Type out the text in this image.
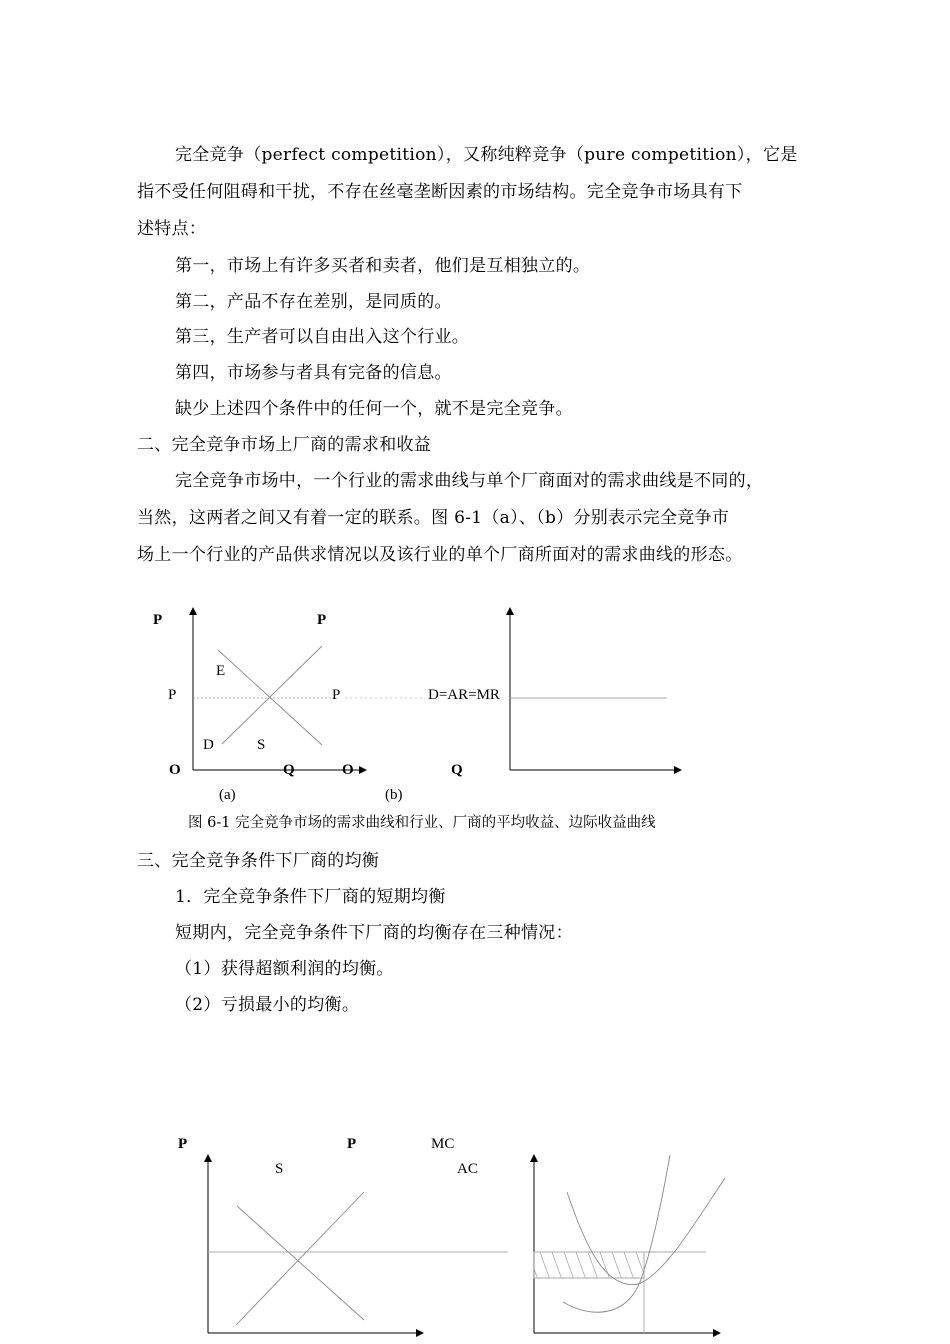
完全竞争（perfect competition），又称纯粹竞争（pure competition），它是
指不受任何阻碍和干扰，不存在丝毫垄断因素的市场结构。完全竞争市场具有下
述特点：
第一，市场上有许多买者和卖者，他们是互相独立的。
第二，产品不存在差别，是同质的。
第三，生产者可以自由出入这个行业。
第四，市场参与者具有完备的信息。
缺少上述四个条件中的任何一个，就不是完全竞争。
二、完全竞争市场上厂商的需求和收益
完全竞争市场中，一个行业的需求曲线与单个厂商面对的需求曲线是不同的，
当然，这两者之间又有着一定的联系。图 6-1（a）、（b）分别表示完全竞争市
场上一个行业的产品供求情况以及该行业的单个厂商所面对的需求曲线的形态。
P	P
E
P	P	D=AR=MR
D	S
O	Q	O	Q
(a)	(b)
图 6-1 完全竞争市场的需求曲线和行业、厂商的平均收益、边际收益曲线
三、完全竞争条件下厂商的均衡
1．完全竞争条件下厂商的短期均衡
短期内，完全竞争条件下厂商的均衡存在三种情况：
（1）获得超额利润的均衡。
（2）亏损最小的均衡。
P	P	MC
S	AC
